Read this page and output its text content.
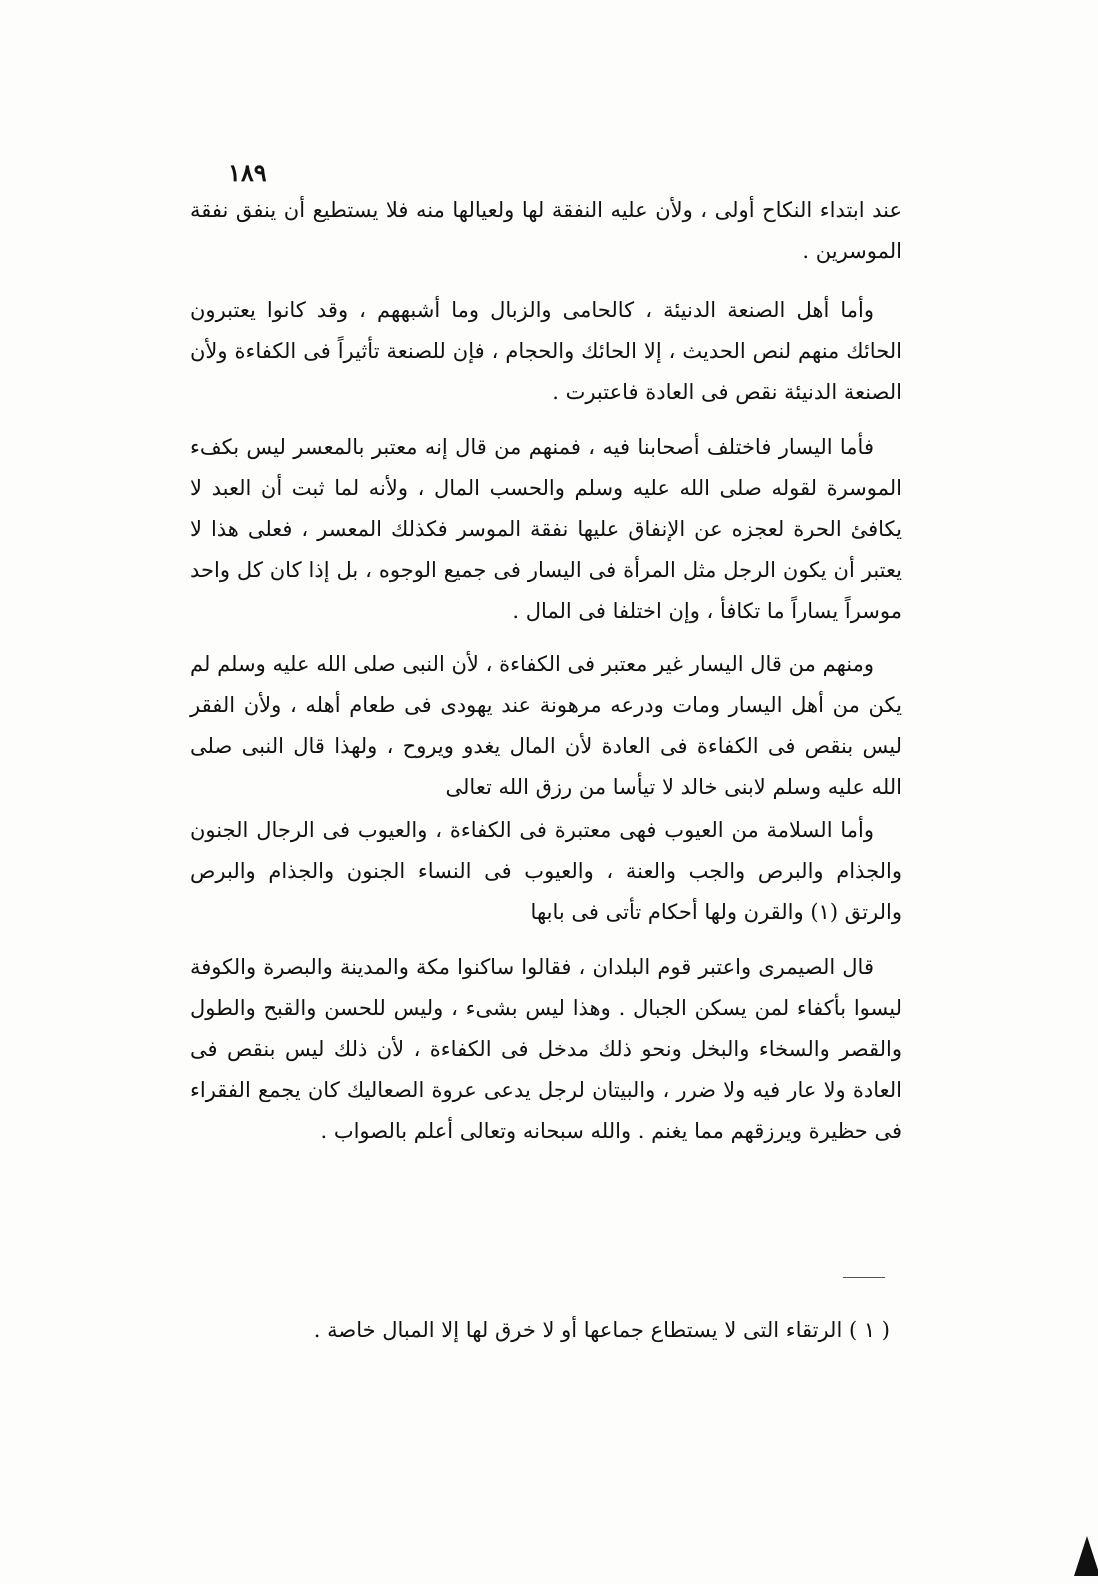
١٨٩

عند ابتداء النكاح أولى ، ولأن عليه النفقة لها ولعيالها منه فلا يستطيع أن ينفق نفقة الموسرين .

وأما أهل الصنعة الدنيئة ، كالحامى والزبال وما أشبههم ، وقد كانوا يعتبرون الحائك منهم لنص الحديث ، إلا الحائك والحجام ، فإن للصنعة تأثيراً فى الكفاءة ولأن الصنعة الدنيئة نقص فى العادة فاعتبرت .

فأما اليسار فاختلف أصحابنا فيه ، فمنهم من قال إنه معتبر بالمعسر ليس بكفء الموسرة لقوله صلى الله عليه وسلم والحسب المال ، ولأنه لما ثبت أن العبد لا يكافئ الحرة لعجزه عن الإنفاق عليها نفقة الموسر فكذلك المعسر ، فعلى هذا لا يعتبر أن يكون الرجل مثل المرأة فى اليسار فى جميع الوجوه ، بل إذا كان كل واحد موسراً يساراً ما تكافأ ، وإن اختلفا فى المال .

ومنهم من قال اليسار غير معتبر فى الكفاءة ، لأن النبى صلى الله عليه وسلم لم يكن من أهل اليسار ومات ودرعه مرهونة عند يهودى فى طعام أهله ، ولأن الفقر ليس بنقص فى الكفاءة فى العادة لأن المال يغدو ويروح ، ولهذا قال النبى صلى الله عليه وسلم لابنى خالد لا تيأسا من رزق الله تعالى

وأما السلامة من العيوب فهى معتبرة فى الكفاءة ، والعيوب فى الرجال الجنون والجذام والبرص والجب والعنة ، والعيوب فى النساء الجنون والجذام والبرص والرتق (١) والقرن ولها أحكام تأتى فى بابها

قال الصيمرى واعتبر قوم البلدان ، فقالوا ساكنوا مكة والمدينة والبصرة والكوفة ليسوا بأكفاء لمن يسكن الجبال . وهذا ليس بشىء ، وليس للحسن والقبح والطول والقصر والسخاء والبخل ونحو ذلك مدخل فى الكفاءة ، لأن ذلك ليس بنقص فى العادة ولا عار فيه ولا ضرر ، والبيتان لرجل يدعى عروة الصعاليك كان يجمع الفقراء فى حظيرة ويرزقهم مما يغنم . والله سبحانه وتعالى أعلم بالصواب .

( ١ ) الرتقاء التى لا يستطاع جماعها أو لا خرق لها إلا المبال خاصة .
